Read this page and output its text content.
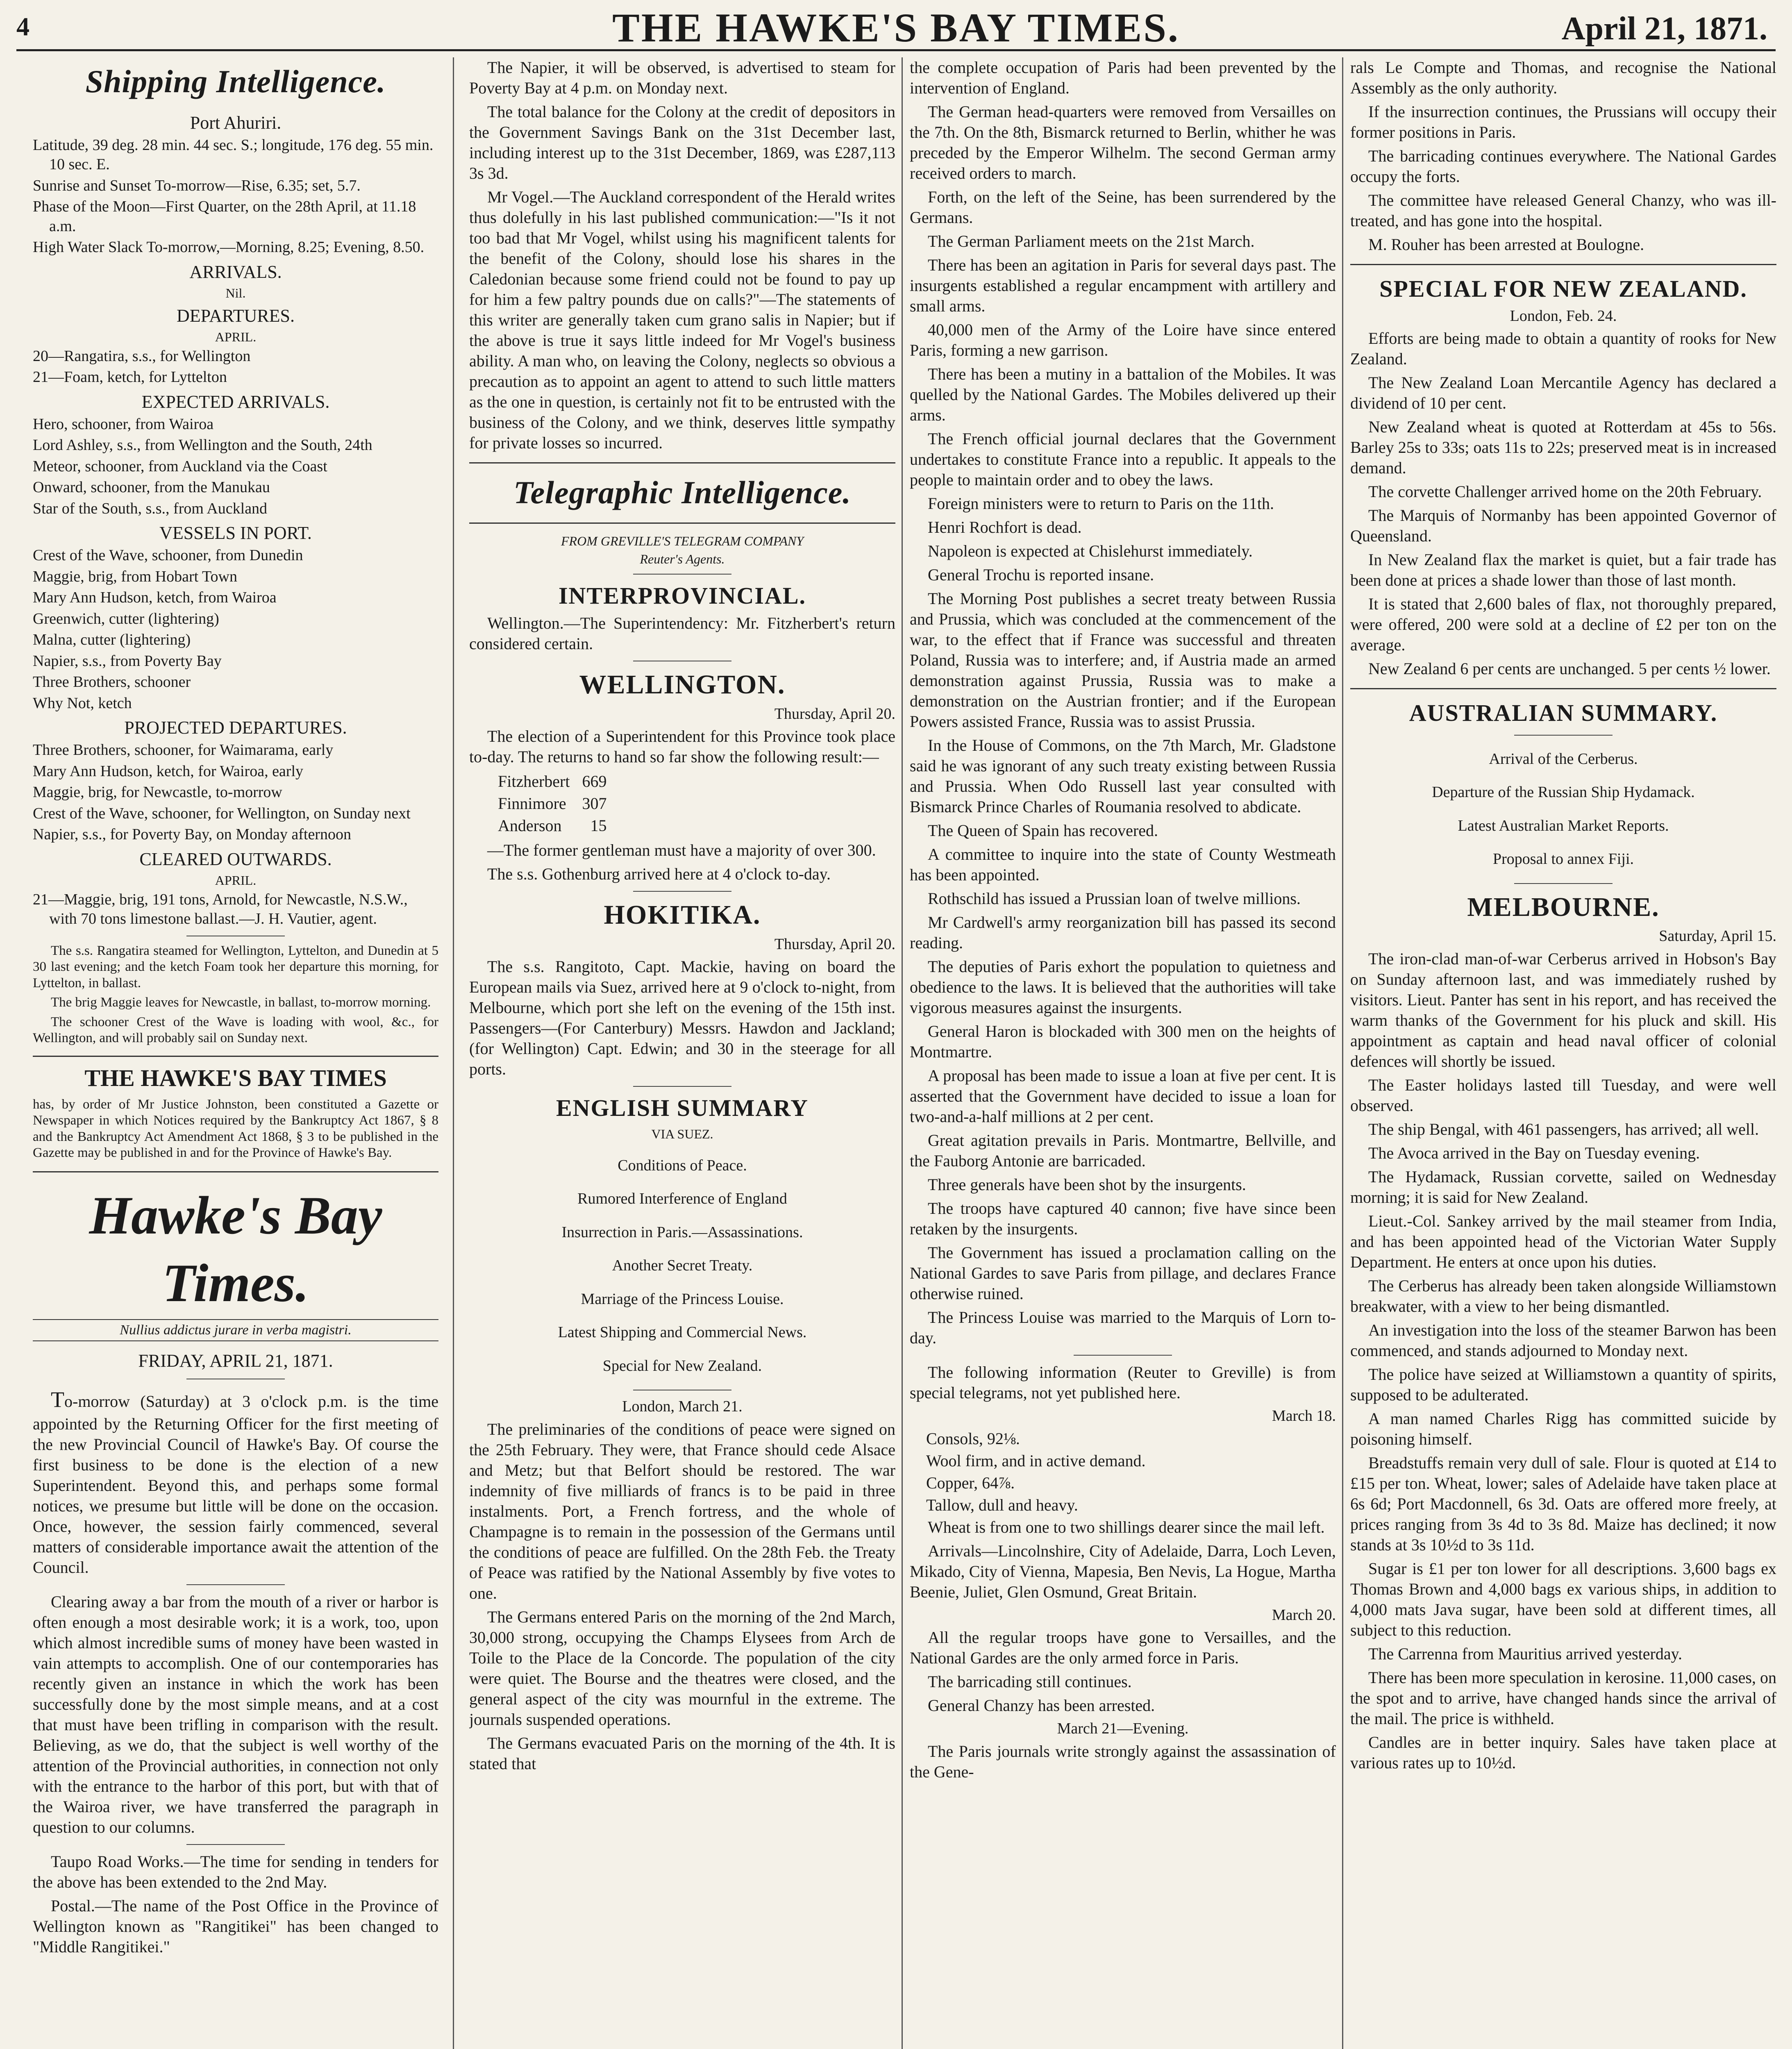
4	THE HAWKE'S BAY TIMES.	April 21, 1871.
Shipping Intelligence.
Port Ahuriri.

Latitude, 39 deg. 28 min. 44 sec. S.; longitude, 176 deg. 55 min. 10 sec. E.

Sunrise and Sunset To-morrow—Rise, 6.35; set, 5.7.

Phase of the Moon—First Quarter, on the 28th April, at 11.18 a.m.

High Water Slack To-morrow,—Morning, 8.25; Evening, 8.50.

ARRIVALS.
Nil.
DEPARTURES.
APRIL.

20—Rangatira, s.s., for Wellington

21—Foam, ketch, for Lyttelton

EXPECTED ARRIVALS.

Hero, schooner, from Wairoa

Lord Ashley, s.s., from Wellington and the South, 24th

Meteor, schooner, from Auckland via the Coast

Onward, schooner, from the Manukau

Star of the South, s.s., from Auckland

VESSELS IN PORT.

Crest of the Wave, schooner, from Dunedin

Maggie, brig, from Hobart Town

Mary Ann Hudson, ketch, from Wairoa

Greenwich, cutter (lightering)

Malna, cutter (lightering)

Napier, s.s., from Poverty Bay

Three Brothers, schooner

Why Not, ketch

PROJECTED DEPARTURES.

Three Brothers, schooner, for Waimarama, early

Mary Ann Hudson, ketch, for Wairoa, early

Maggie, brig, for Newcastle, to-morrow

Crest of the Wave, schooner, for Wellington, on Sunday next

Napier, s.s., for Poverty Bay, on Monday afternoon

CLEARED OUTWARDS.
APRIL.

21—Maggie, brig, 191 tons, Arnold, for Newcastle, N.S.W., with 70 tons limestone ballast.—J. H. Vautier, agent.

The s.s. Rangatira steamed for Wellington, Lyttelton, and Dunedin at 5 30 last evening; and the ketch Foam took her departure this morning, for Lyttelton, in ballast.

The brig Maggie leaves for Newcastle, in ballast, to-morrow morning.

The schooner Crest of the Wave is loading with wool, &c., for Wellington, and will probably sail on Sunday next.

THE HAWKE'S BAY TIMES

has, by order of Mr Justice Johnston, been constituted a Gazette or Newspaper in which Notices required by the Bankruptcy Act 1867, § 8 and the Bankruptcy Act Amendment Act 1868, § 3 to be published in the Gazette may be published in and for the Province of Hawke's Bay.

Hawke's Bay Times.
Nullius addictus jurare in verba magistri.
FRIDAY, APRIL 21, 1871.

To-morrow (Saturday) at 3 o'clock p.m. is the time appointed by the Returning Officer for the first meeting of the new Provincial Council of Hawke's Bay. Of course the first business to be done is the election of a new Superintendent. Beyond this, and perhaps some formal notices, we presume but little will be done on the occasion. Once, however, the session fairly commenced, several matters of considerable importance await the attention of the Council.

Clearing away a bar from the mouth of a river or harbor is often enough a most desirable work; it is a work, too, upon which almost incredible sums of money have been wasted in vain attempts to accomplish. One of our contemporaries has recently given an instance in which the work has been successfully done by the most simple means, and at a cost that must have been trifling in comparison with the result. Believing, as we do, that the subject is well worthy of the attention of the Provincial authorities, in connection not only with the entrance to the harbor of this port, but with that of the Wairoa river, we have transferred the paragraph in question to our columns.

Taupo Road Works.—The time for sending in tenders for the above has been extended to the 2nd May.

Postal.—The name of the Post Office in the Province of Wellington known as "Rangitikei" has been changed to "Middle Rangitikei."

The Napier, it will be observed, is advertised to steam for Poverty Bay at 4 p.m. on Monday next.

The total balance for the Colony at the credit of depositors in the Government Savings Bank on the 31st December last, including interest up to the 31st December, 1869, was £287,113 3s 3d.

Mr Vogel.—The Auckland correspondent of the Herald writes thus dolefully in his last published communication:—"Is it not too bad that Mr Vogel, whilst using his magnificent talents for the benefit of the Colony, should lose his shares in the Caledonian because some friend could not be found to pay up for him a few paltry pounds due on calls?"—The statements of this writer are generally taken cum grano salis in Napier; but if the above is true it says little indeed for Mr Vogel's business ability. A man who, on leaving the Colony, neglects so obvious a precaution as to appoint an agent to attend to such little matters as the one in question, is certainly not fit to be entrusted with the business of the Colony, and we think, deserves little sympathy for private losses so incurred.

Telegraphic Intelligence.
FROM GREVILLE'S TELEGRAM COMPANY
Reuter's Agents.
INTERPROVINCIAL.

Wellington.—The Superintendency: Mr. Fitzherbert's return considered certain.

WELLINGTON.
Thursday, April 20.

The election of a Superintendent for this Province took place to-day. The returns to hand so far show the following result:—

Fitzherbert	669
Finnimore	307
Anderson	15

—The former gentleman must have a majority of over 300.

The s.s. Gothenburg arrived here at 4 o'clock to-day.

HOKITIKA.
Thursday, April 20.

The s.s. Rangitoto, Capt. Mackie, having on board the European mails via Suez, arrived here at 9 o'clock to-night, from Melbourne, which port she left on the evening of the 15th inst. Passengers—(For Canterbury) Messrs. Hawdon and Jackland; (for Wellington) Capt. Edwin; and 30 in the steerage for all ports.

ENGLISH SUMMARY
VIA SUEZ.
Conditions of Peace.
Rumored Interference of England
Insurrection in Paris.—Assassinations.
Another Secret Treaty.
Marriage of the Princess Louise.
Latest Shipping and Commercial News.
Special for New Zealand.
London, March 21.

The preliminaries of the conditions of peace were signed on the 25th February. They were, that France should cede Alsace and Metz; but that Belfort should be restored. The war indemnity of five milliards of francs is to be paid in three instalments. Port, a French fortress, and the whole of Champagne is to remain in the possession of the Germans until the conditions of peace are fulfilled. On the 28th Feb. the Treaty of Peace was ratified by the National Assembly by five votes to one.

The Germans entered Paris on the morning of the 2nd March, 30,000 strong, occupying the Champs Elysees from Arch de Toile to the Place de la Concorde. The population of the city were quiet. The Bourse and the theatres were closed, and the general aspect of the city was mournful in the extreme. The journals suspended operations.

The Germans evacuated Paris on the morning of the 4th. It is stated that

the complete occupation of Paris had been prevented by the intervention of England.

The German head-quarters were removed from Versailles on the 7th. On the 8th, Bismarck returned to Berlin, whither he was preceded by the Emperor Wilhelm. The second German army received orders to march.

Forth, on the left of the Seine, has been surrendered by the Germans.

The German Parliament meets on the 21st March.

There has been an agitation in Paris for several days past. The insurgents established a regular encampment with artillery and small arms.

40,000 men of the Army of the Loire have since entered Paris, forming a new garrison.

There has been a mutiny in a battalion of the Mobiles. It was quelled by the National Gardes. The Mobiles delivered up their arms.

The French official journal declares that the Government undertakes to constitute France into a republic. It appeals to the people to maintain order and to obey the laws.

Foreign ministers were to return to Paris on the 11th.

Henri Rochfort is dead.

Napoleon is expected at Chislehurst immediately.

General Trochu is reported insane.

The Morning Post publishes a secret treaty between Russia and Prussia, which was concluded at the commencement of the war, to the effect that if France was successful and threaten Poland, Russia was to interfere; and, if Austria made an armed demonstration against Prussia, Russia was to make a demonstration on the Austrian frontier; and if the European Powers assisted France, Russia was to assist Prussia.

In the House of Commons, on the 7th March, Mr. Gladstone said he was ignorant of any such treaty existing between Russia and Prussia. When Odo Russell last year consulted with Bismarck Prince Charles of Roumania resolved to abdicate.

The Queen of Spain has recovered.

A committee to inquire into the state of County Westmeath has been appointed.

Rothschild has issued a Prussian loan of twelve millions.

Mr Cardwell's army reorganization bill has passed its second reading.

The deputies of Paris exhort the population to quietness and obedience to the laws. It is believed that the authorities will take vigorous measures against the insurgents.

General Haron is blockaded with 300 men on the heights of Montmartre.

A proposal has been made to issue a loan at five per cent. It is asserted that the Government have decided to issue a loan for two-and-a-half millions at 2 per cent.

Great agitation prevails in Paris. Montmartre, Bellville, and the Fauborg Antonie are barricaded.

Three generals have been shot by the insurgents.

The troops have captured 40 cannon; five have since been retaken by the insurgents.

The Government has issued a proclamation calling on the National Gardes to save Paris from pillage, and declares France otherwise ruined.

The Princess Louise was married to the Marquis of Lorn to-day.

The following information (Reuter to Greville) is from special telegrams, not yet published here.

March 18.

Consols, 92⅛.

Wool firm, and in active demand.

Copper, 64⅞.

Tallow, dull and heavy.

Wheat is from one to two shillings dearer since the mail left.

Arrivals—Lincolnshire, City of Adelaide, Darra, Loch Leven, Mikado, City of Vienna, Mapesia, Ben Nevis, La Hogue, Martha Beenie, Juliet, Glen Osmund, Great Britain.

March 20.

All the regular troops have gone to Versailles, and the National Gardes are the only armed force in Paris.

The barricading still continues.

General Chanzy has been arrested.

March 21—Evening.

The Paris journals write strongly against the assassination of the Gene-

rals Le Compte and Thomas, and recognise the National Assembly as the only authority.

If the insurrection continues, the Prussians will occupy their former positions in Paris.

The barricading continues everywhere. The National Gardes occupy the forts.

The committee have released General Chanzy, who was ill-treated, and has gone into the hospital.

M. Rouher has been arrested at Boulogne.

SPECIAL FOR NEW ZEALAND.
London, Feb. 24.

Efforts are being made to obtain a quantity of rooks for New Zealand.

The New Zealand Loan Mercantile Agency has declared a dividend of 10 per cent.

New Zealand wheat is quoted at Rotterdam at 45s to 56s. Barley 25s to 33s; oats 11s to 22s; preserved meat is in increased demand.

The corvette Challenger arrived home on the 20th February.

The Marquis of Normanby has been appointed Governor of Queensland.

In New Zealand flax the market is quiet, but a fair trade has been done at prices a shade lower than those of last month.

It is stated that 2,600 bales of flax, not thoroughly prepared, were offered, 200 were sold at a decline of £2 per ton on the average.

New Zealand 6 per cents are unchanged. 5 per cents ½ lower.

AUSTRALIAN SUMMARY.
Arrival of the Cerberus.
Departure of the Russian Ship Hydamack.
Latest Australian Market Reports.
Proposal to annex Fiji.
MELBOURNE.
Saturday, April 15.

The iron-clad man-of-war Cerberus arrived in Hobson's Bay on Sunday afternoon last, and was immediately rushed by visitors. Lieut. Panter has sent in his report, and has received the warm thanks of the Government for his pluck and skill. His appointment as captain and head naval officer of colonial defences will shortly be issued.

The Easter holidays lasted till Tuesday, and were well observed.

The ship Bengal, with 461 passengers, has arrived; all well.

The Avoca arrived in the Bay on Tuesday evening.

The Hydamack, Russian corvette, sailed on Wednesday morning; it is said for New Zealand.

Lieut.-Col. Sankey arrived by the mail steamer from India, and has been appointed head of the Victorian Water Supply Department. He enters at once upon his duties.

The Cerberus has already been taken alongside Williamstown breakwater, with a view to her being dismantled.

An investigation into the loss of the steamer Barwon has been commenced, and stands adjourned to Monday next.

The police have seized at Williamstown a quantity of spirits, supposed to be adulterated.

A man named Charles Rigg has committed suicide by poisoning himself.

Breadstuffs remain very dull of sale. Flour is quoted at £14 to £15 per ton. Wheat, lower; sales of Adelaide have taken place at 6s 6d; Port Macdonnell, 6s 3d. Oats are offered more freely, at prices ranging from 3s 4d to 3s 8d. Maize has declined; it now stands at 3s 10½d to 3s 11d.

Sugar is £1 per ton lower for all descriptions. 3,600 bags ex Thomas Brown and 4,000 bags ex various ships, in addition to 4,000 mats Java sugar, have been sold at different times, all subject to this reduction.

The Carrenna from Mauritius arrived yesterday.

There has been more speculation in kerosine. 11,000 cases, on the spot and to arrive, have changed hands since the arrival of the mail. The price is withheld.

Candles are in better inquiry. Sales have taken place at various rates up to 10½d.
